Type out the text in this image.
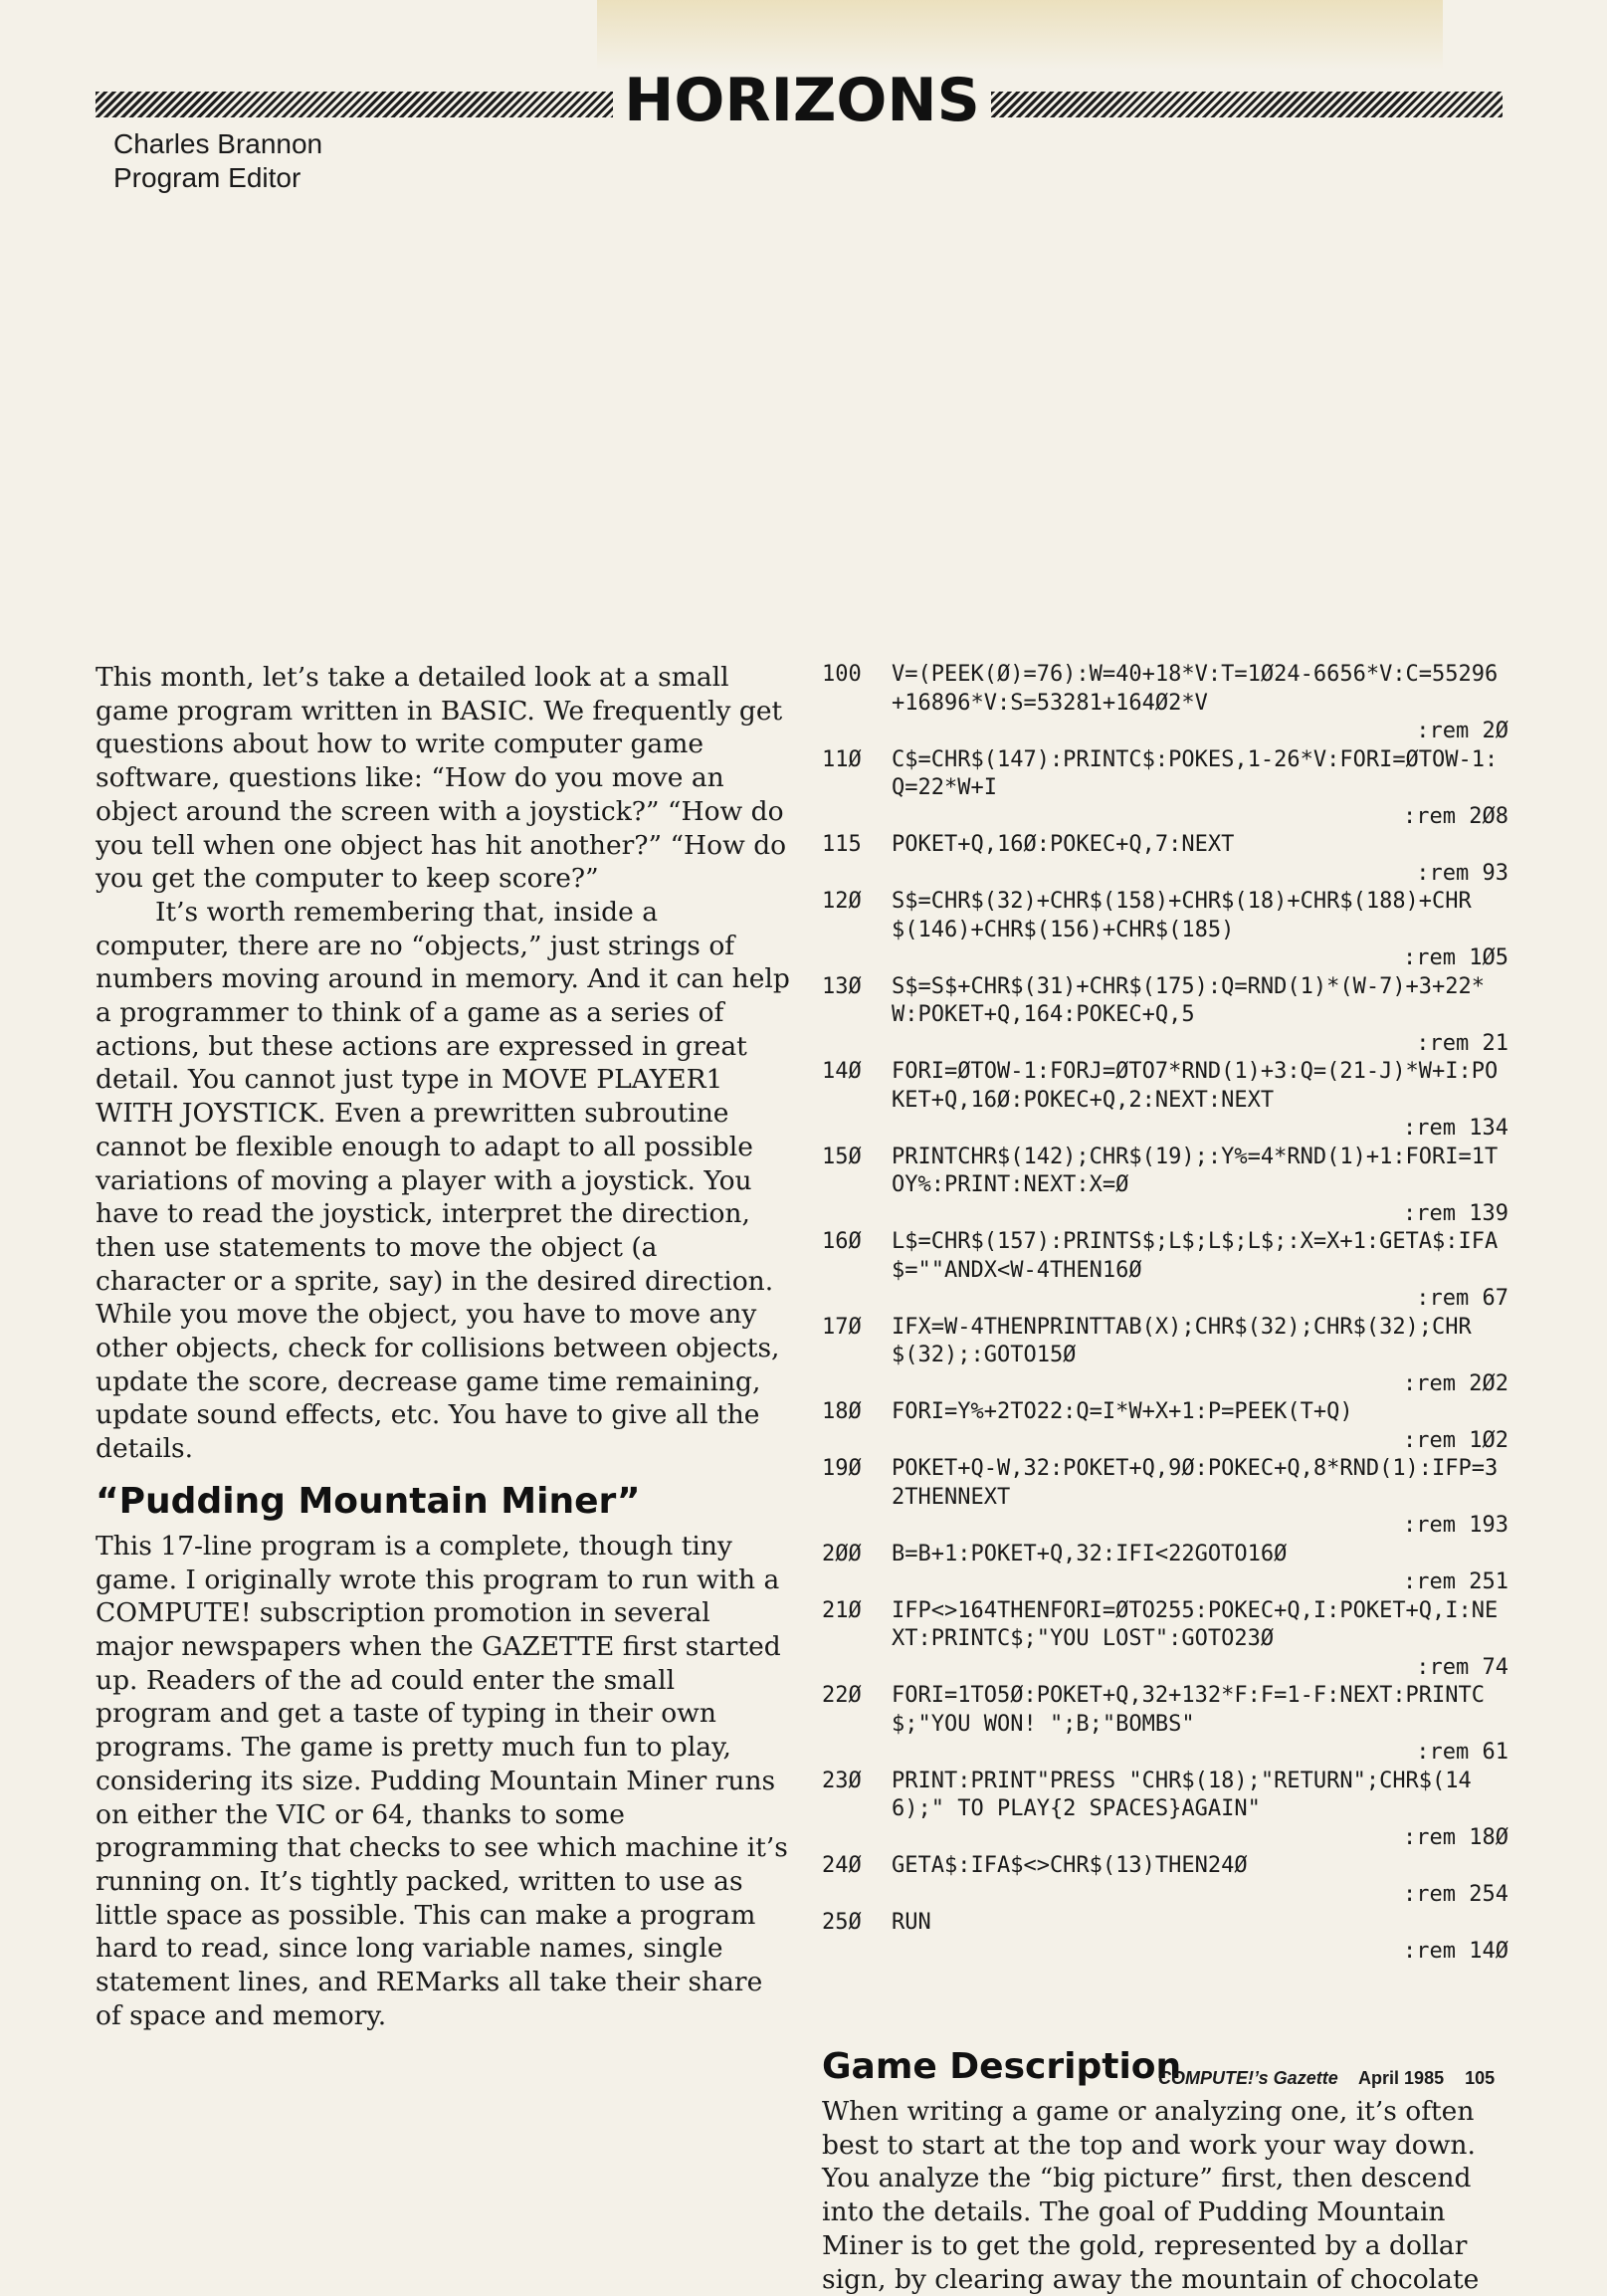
HORIZONS
Charles Brannon
Program Editor

This month, let’s take a detailed look at a small game program written in BASIC. We frequently get questions about how to write computer game software, questions like: “How do you move an object around the screen with a joystick?” “How do you tell when one object has hit another?” “How do you get the computer to keep score?”

It’s worth remembering that, inside a computer, there are no “objects,” just strings of numbers moving around in memory. And it can help a programmer to think of a game as a series of actions, but these actions are expressed in great detail. You cannot just type in MOVE PLAYER1 WITH JOYSTICK. Even a prewritten subroutine cannot be flexible enough to adapt to all possible variations of moving a player with a joystick. You have to read the joystick, interpret the direction, then use statements to move the object (a character or a sprite, say) in the desired direction. While you move the object, you have to move any other objects, check for collisions between objects, update the score, decrease game time remaining, update sound effects, etc. You have to give all the details.

“Pudding Mountain Miner”

This 17-line program is a complete, though tiny game. I originally wrote this program to run with a COMPUTE! subscription promotion in several major newspapers when the GAZETTE first started up. Readers of the ad could enter the small program and get a taste of typing in their own programs. The game is pretty much fun to play, considering its size. Pudding Mountain Miner runs on either the VIC or 64, thanks to some programming that checks to see which machine it’s running on. It’s tightly packed, written to use as little space as possible. This can make a program hard to read, since long variable names, single statement lines, and REMarks all take their share of space and memory.

100	V=(PEEK(Ø)=76):W=40+18*V:T=1Ø24-6656*V:C=55296+16896*V:S=53281+164Ø2*V
:rem 2Ø
11Ø	C$=CHR$(147):PRINTC$:POKES,1-26*V:FORI=ØTOW-1:Q=22*W+I
:rem 2Ø8
115	POKET+Q,16Ø:POKEC+Q,7:NEXT
:rem 93
12Ø	S$=CHR$(32)+CHR$(158)+CHR$(18)+CHR$(188)+CHR$(146)+CHR$(156)+CHR$(185)
:rem 1Ø5
13Ø	S$=S$+CHR$(31)+CHR$(175):Q=RND(1)*(W-7)+3+22*W:POKET+Q,164:POKEC+Q,5
:rem 21
14Ø	FORI=ØTOW-1:FORJ=ØTO7*RND(1)+3:Q=(21-J)*W+I:POKET+Q,16Ø:POKEC+Q,2:NEXT:NEXT
:rem 134
15Ø	PRINTCHR$(142);CHR$(19);:Y%=4*RND(1)+1:FORI=1TOY%:PRINT:NEXT:X=Ø
:rem 139
16Ø	L$=CHR$(157):PRINTS$;L$;L$;L$;:X=X+1:GETA$:IFA$=""ANDX<W-4THEN16Ø
:rem 67
17Ø	IFX=W-4THENPRINTTAB(X);CHR$(32);CHR$(32);CHR$(32);:GOTO15Ø
:rem 2Ø2
18Ø	FORI=Y%+2TO22:Q=I*W+X+1:P=PEEK(T+Q)
:rem 1Ø2
19Ø	POKET+Q-W,32:POKET+Q,9Ø:POKEC+Q,8*RND(1):IFP=32THENNEXT
:rem 193
2ØØ	B=B+1:POKET+Q,32:IFI<22GOTO16Ø
:rem 251
21Ø	IFP<>164THENFORI=ØTO255:POKEC+Q,I:POKET+Q,I:NEXT:PRINTC$;"YOU LOST":GOTO23Ø
:rem 74
22Ø	FORI=1TO5Ø:POKET+Q,32+132*F:F=1-F:NEXT:PRINTC$;"YOU WON! ";B;"BOMBS"
:rem 61
23Ø	PRINT:PRINT"PRESS "CHR$(18);"RETURN";CHR$(146);" TO PLAY{2 SPACES}AGAIN"
:rem 18Ø
24Ø	GETA$:IFA$<>CHR$(13)THEN24Ø
:rem 254
25Ø	RUN
:rem 14Ø
Game Description

When writing a game or analyzing one, it’s often best to start at the top and work your way down. You analyze the “big picture” first, then descend into the details. The goal of Pudding Mountain Miner is to get the gold, represented by a dollar sign, by clearing away the mountain of chocolate

COMPUTE!’s Gazette April 1985 105
